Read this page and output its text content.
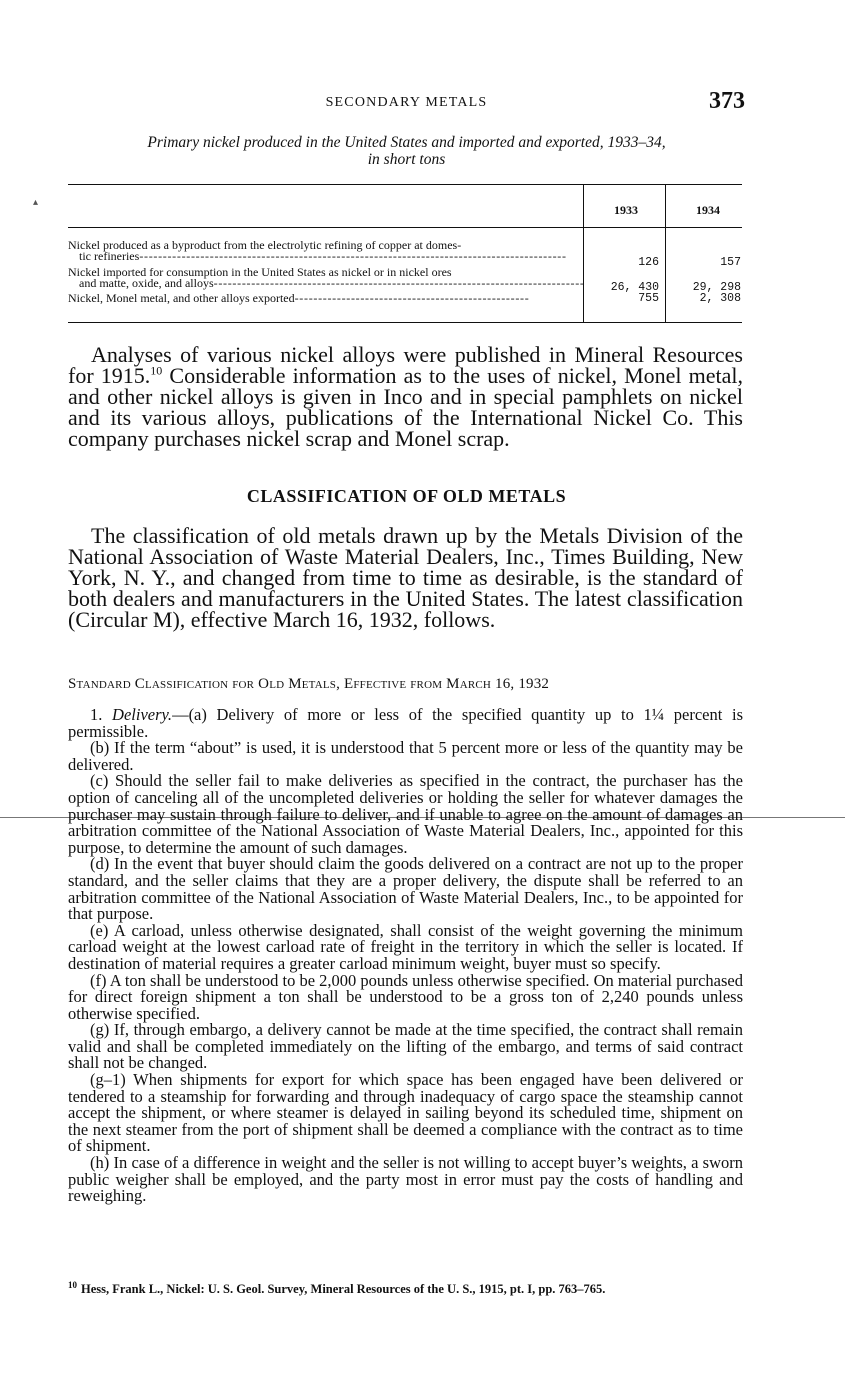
SECONDARY METALS	373
Primary nickel produced in the United States and imported and exported, 1933–34,
in short tons
▴
1933	1934
Nickel produced as a byproduct from the electrolytic refining of copper at domes-
tic refineries-------------------------------------------------------------------------------------------	126	157
Nickel imported for consumption in the United States as nickel or in nickel ores
and matte, oxide, and alloys-------------------------------------------------------------------------------	26, 430	29, 298
Nickel, Monel metal, and other alloys exported--------------------------------------------------	755	2, 308
Analyses of various nickel alloys were published in Mineral Resources for 1915.10 Considerable information as to the uses of nickel, Monel metal, and other nickel alloys is given in Inco and in special pamphlets on nickel and its various alloys, publications of the International Nickel Co. This company purchases nickel scrap and Monel scrap.
CLASSIFICATION OF OLD METALS
The classification of old metals drawn up by the Metals Division of the National Association of Waste Material Dealers, Inc., Times Building, New York, N. Y., and changed from time to time as desirable, is the standard of both dealers and manufacturers in the United States. The latest classification (Circular M), effective March 16, 1932, follows.
Standard Classification for Old Metals, Effective from March 16, 1932

1. Delivery.—(a) Delivery of more or less of the specified quantity up to 1¼ percent is permissible.

(b) If the term “about” is used, it is understood that 5 percent more or less of the quantity may be delivered.

(c) Should the seller fail to make deliveries as specified in the contract, the purchaser has the option of canceling all of the uncompleted deliveries or holding the seller for whatever damages the purchaser may sustain through failure to deliver, and if unable to agree on the amount of damages an arbitration committee of the National Association of Waste Material Dealers, Inc., appointed for this purpose, to determine the amount of such damages.

(d) In the event that buyer should claim the goods delivered on a contract are not up to the proper standard, and the seller claims that they are a proper delivery, the dispute shall be referred to an arbitration committee of the National Association of Waste Material Dealers, Inc., to be appointed for that purpose.

(e) A carload, unless otherwise designated, shall consist of the weight governing the minimum carload weight at the lowest carload rate of freight in the territory in which the seller is located. If destination of material requires a greater carload minimum weight, buyer must so specify.

(f) A ton shall be understood to be 2,000 pounds unless otherwise specified. On material purchased for direct foreign shipment a ton shall be understood to be a gross ton of 2,240 pounds unless otherwise specified.

(g) If, through embargo, a delivery cannot be made at the time specified, the contract shall remain valid and shall be completed immediately on the lifting of the embargo, and terms of said contract shall not be changed.

(g–1) When shipments for export for which space has been engaged have been delivered or tendered to a steamship for forwarding and through inadequacy of cargo space the steamship cannot accept the shipment, or where steamer is delayed in sailing beyond its scheduled time, shipment on the next steamer from the port of shipment shall be deemed a compliance with the contract as to time of shipment.

(h) In case of a difference in weight and the seller is not willing to accept buyer’s weights, a sworn public weigher shall be employed, and the party most in error must pay the costs of handling and reweighing.

$^{10}$ Hess, Frank L., Nickel: U. S. Geol. Survey, Mineral Resources of the U. S., 1915, pt. I, pp. 763–765.
